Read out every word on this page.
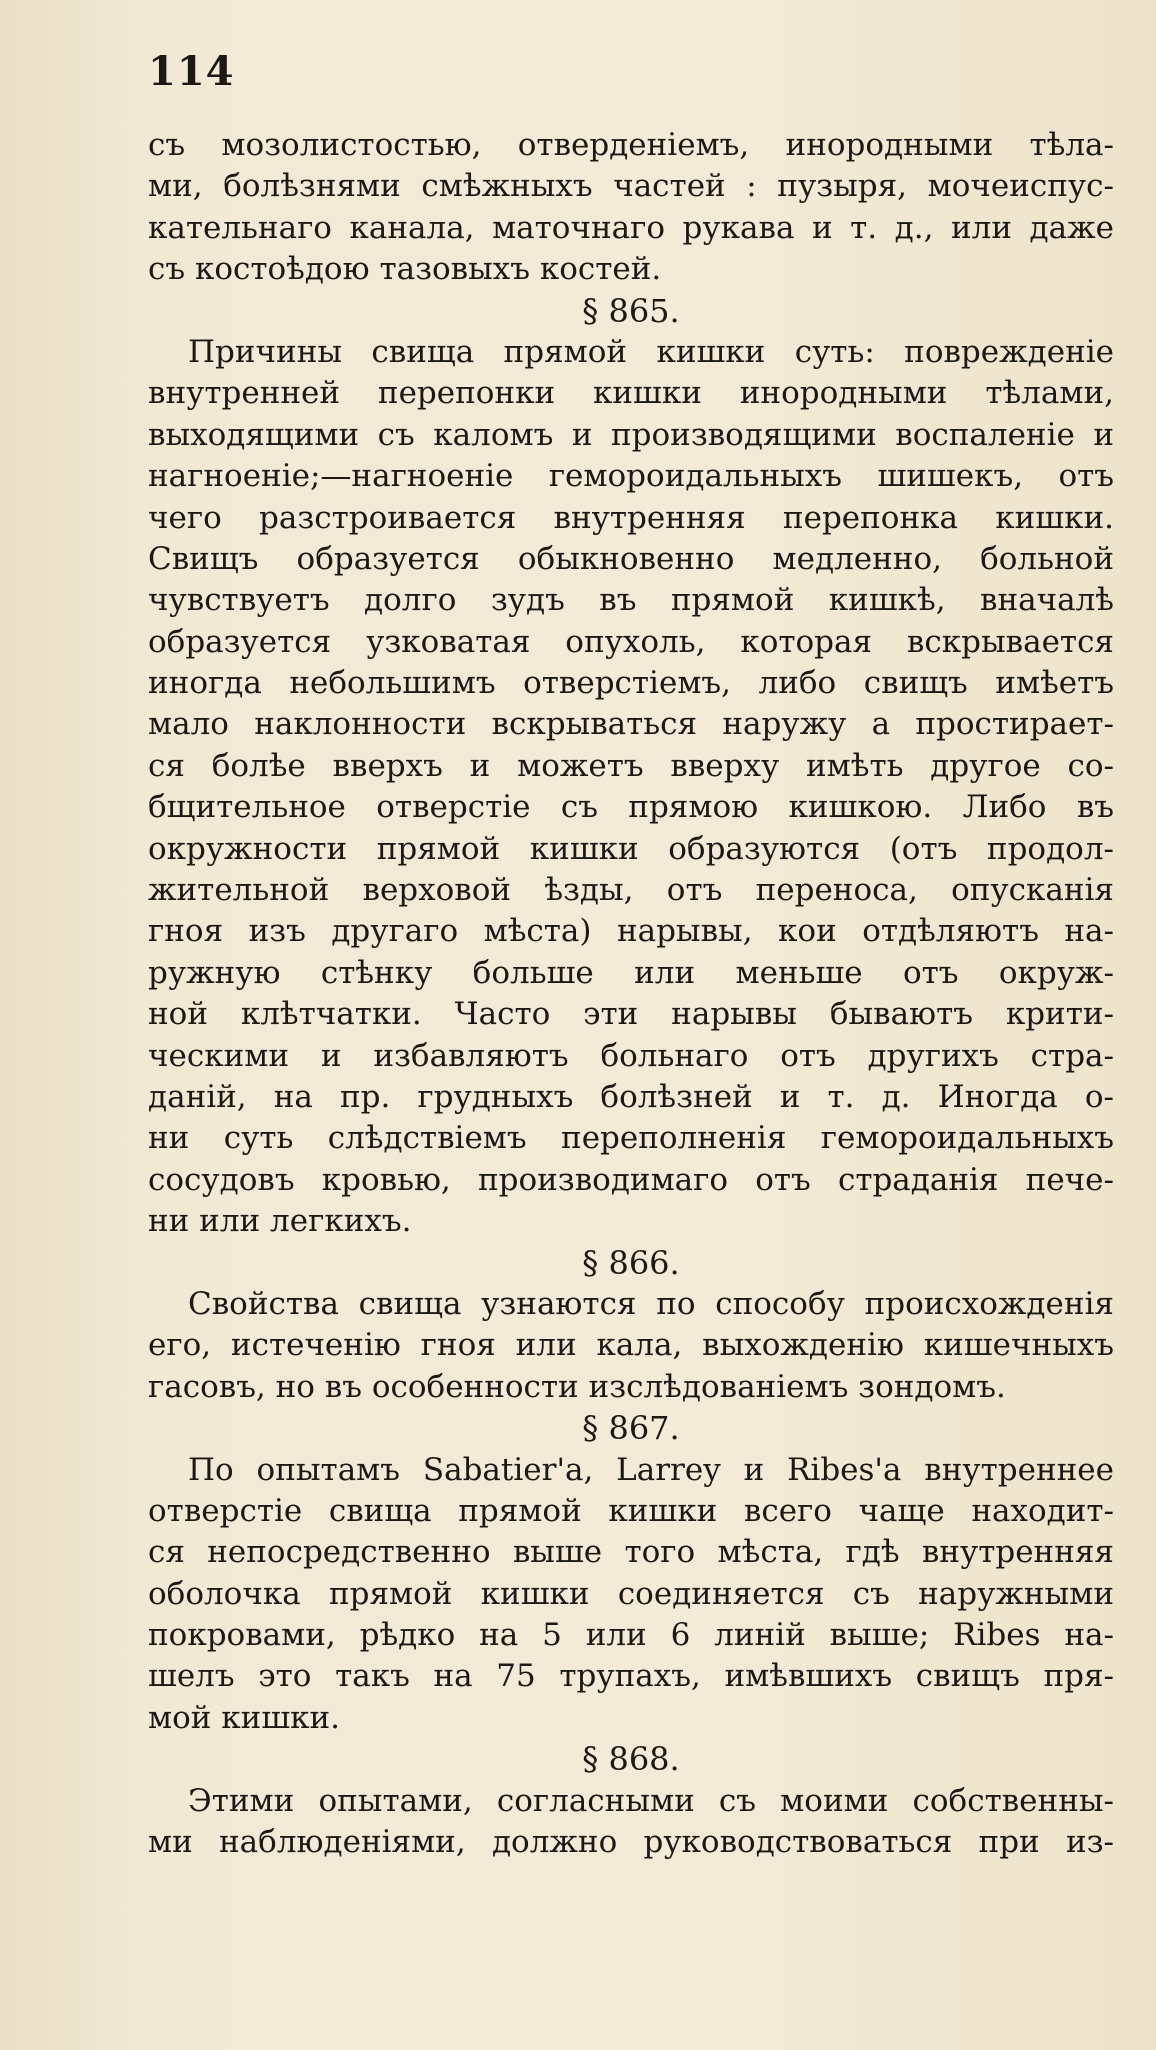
114
съ мозолистостью, отверденіемъ, инородными тѣла-
ми, болѣзнями смѣжныхъ частей : пузыря, мочеиспус-
кательнаго канала, маточнаго рукава и т. д., или даже
съ костоѣдою тазовыхъ костей.
§ 865.
Причины свища прямой кишки суть: поврежденіе
внутренней перепонки кишки инородными тѣлами,
выходящими съ каломъ и производящими воспаленіе и
нагноеніе;—нагноеніе гемороидальныхъ шишекъ, отъ
чего разстроивается внутренняя перепонка кишки.
Свищъ образуется обыкновенно медленно, больной
чувствуетъ долго зудъ въ прямой кишкѣ, вначалѣ
образуется узковатая опухоль, которая вскрывается
иногда небольшимъ отверстіемъ, либо свищъ имѣетъ
мало наклонности вскрываться наружу а простирает-
ся болѣе вверхъ и можетъ вверху имѣть другое со-
бщительное отверстіе съ прямою кишкою. Либо въ
окружности прямой кишки образуются (отъ продол-
жительной верховой ѣзды, отъ переноса, опусканія
гноя изъ другаго мѣста) нарывы, кои отдѣляютъ на-
ружную стѣнку больше или меньше отъ окруж-
ной клѣтчатки. Часто эти нарывы бываютъ крити-
ческими и избавляютъ больнаго отъ другихъ стра-
даній, на пр. грудныхъ болѣзней и т. д. Иногда о-
ни суть слѣдствіемъ переполненія гемороидальныхъ
сосудовъ кровью, производимаго отъ страданія пече-
ни или легкихъ.
§ 866.
Свойства свища узнаются по способу происхожденія
его, истеченію гноя или кала, выхожденію кишечныхъ
гасовъ, но въ особенности изслѣдованіемъ зондомъ.
§ 867.
По опытамъ Sabatier'a, Larrey и Ribes'a внутреннее
отверстіе свища прямой кишки всего чаще находит-
ся непосредственно выше того мѣста, гдѣ внутренняя
оболочка прямой кишки соединяется съ наружными
покровами, рѣдко на 5 или 6 линій выше; Ribes на-
шелъ это такъ на 75 трупахъ, имѣвшихъ свищъ пря-
мой кишки.
§ 868.
Этими опытами, согласными съ моими собственны-
ми наблюденіями, должно руководствоваться при из-
